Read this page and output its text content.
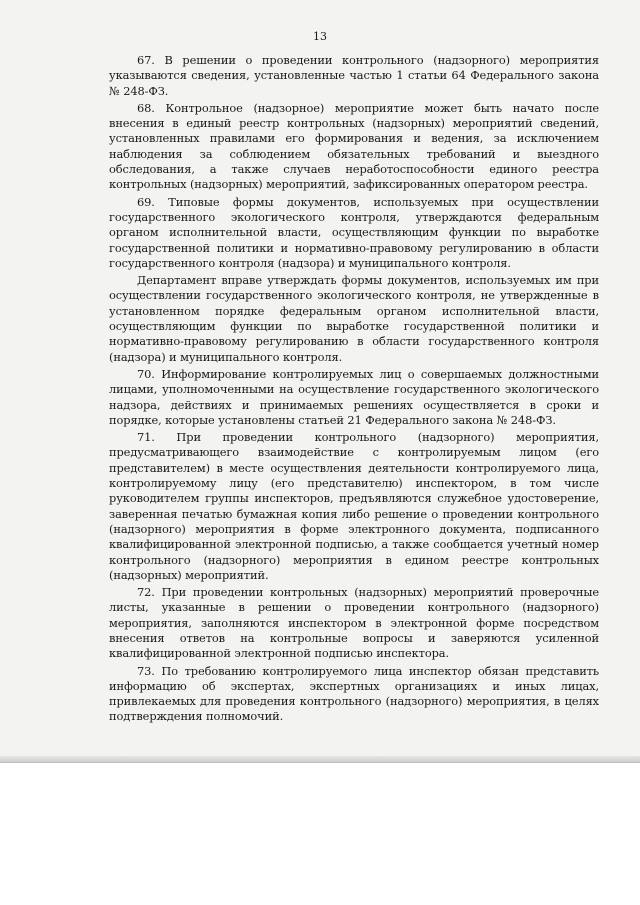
13

67. В решении о проведении контрольного (надзорного) мероприятия указываются сведения, установленные частью 1 статьи 64 Федерального закона № 248-ФЗ.

68. Контрольное (надзорное) мероприятие может быть начато после внесения в единый реестр контрольных (надзорных) мероприятий сведений, установленных правилами его формирования и ведения, за исключением наблюдения за соблюдением обязательных требований и выездного обследования, а также случаев неработоспособности единого реестра контрольных (надзорных) мероприятий, зафиксированных оператором реестра.

69. Типовые формы документов, используемых при осуществлении государственного экологического контроля, утверждаются федеральным органом исполнительной власти, осуществляющим функции по выработке государственной политики и нормативно-правовому регулированию в области государственного контроля (надзора) и муниципального контроля.

Департамент вправе утверждать формы документов, используемых им при осуществлении государственного экологического контроля, не утвержденные в установленном порядке федеральным органом исполнительной власти, осуществляющим функции по выработке государственной политики и нормативно-правовому регулированию в области государственного контроля (надзора) и муниципального контроля.

70. Информирование контролируемых лиц о совершаемых должностными лицами, уполномоченными на осуществление государственного экологического надзора, действиях и принимаемых решениях осуществляется в сроки и порядке, которые установлены статьей 21 Федерального закона № 248-ФЗ.

71. При проведении контрольного (надзорного) мероприятия, предусматривающего взаимодействие с контролируемым лицом (его представителем) в месте осуществления деятельности контролируемого лица, контролируемому лицу (его представителю) инспектором, в том числе руководителем группы инспекторов, предъявляются служебное удостоверение, заверенная печатью бумажная копия либо решение о проведении контрольного (надзорного) мероприятия в форме электронного документа, подписанного квалифицированной электронной подписью, а также сообщается учетный номер контрольного (надзорного) мероприятия в едином реестре контрольных (надзорных) мероприятий.

72. При проведении контрольных (надзорных) мероприятий проверочные листы, указанные в решении о проведении контрольного (надзорного) мероприятия, заполняются инспектором в электронной форме посредством внесения ответов на контрольные вопросы и заверяются усиленной квалифицированной электронной подписью инспектора.

73. По требованию контролируемого лица инспектор обязан представить информацию об экспертах, экспертных организациях и иных лицах, привлекаемых для проведения контрольного (надзорного) мероприятия, в целях подтверждения полномочий.
